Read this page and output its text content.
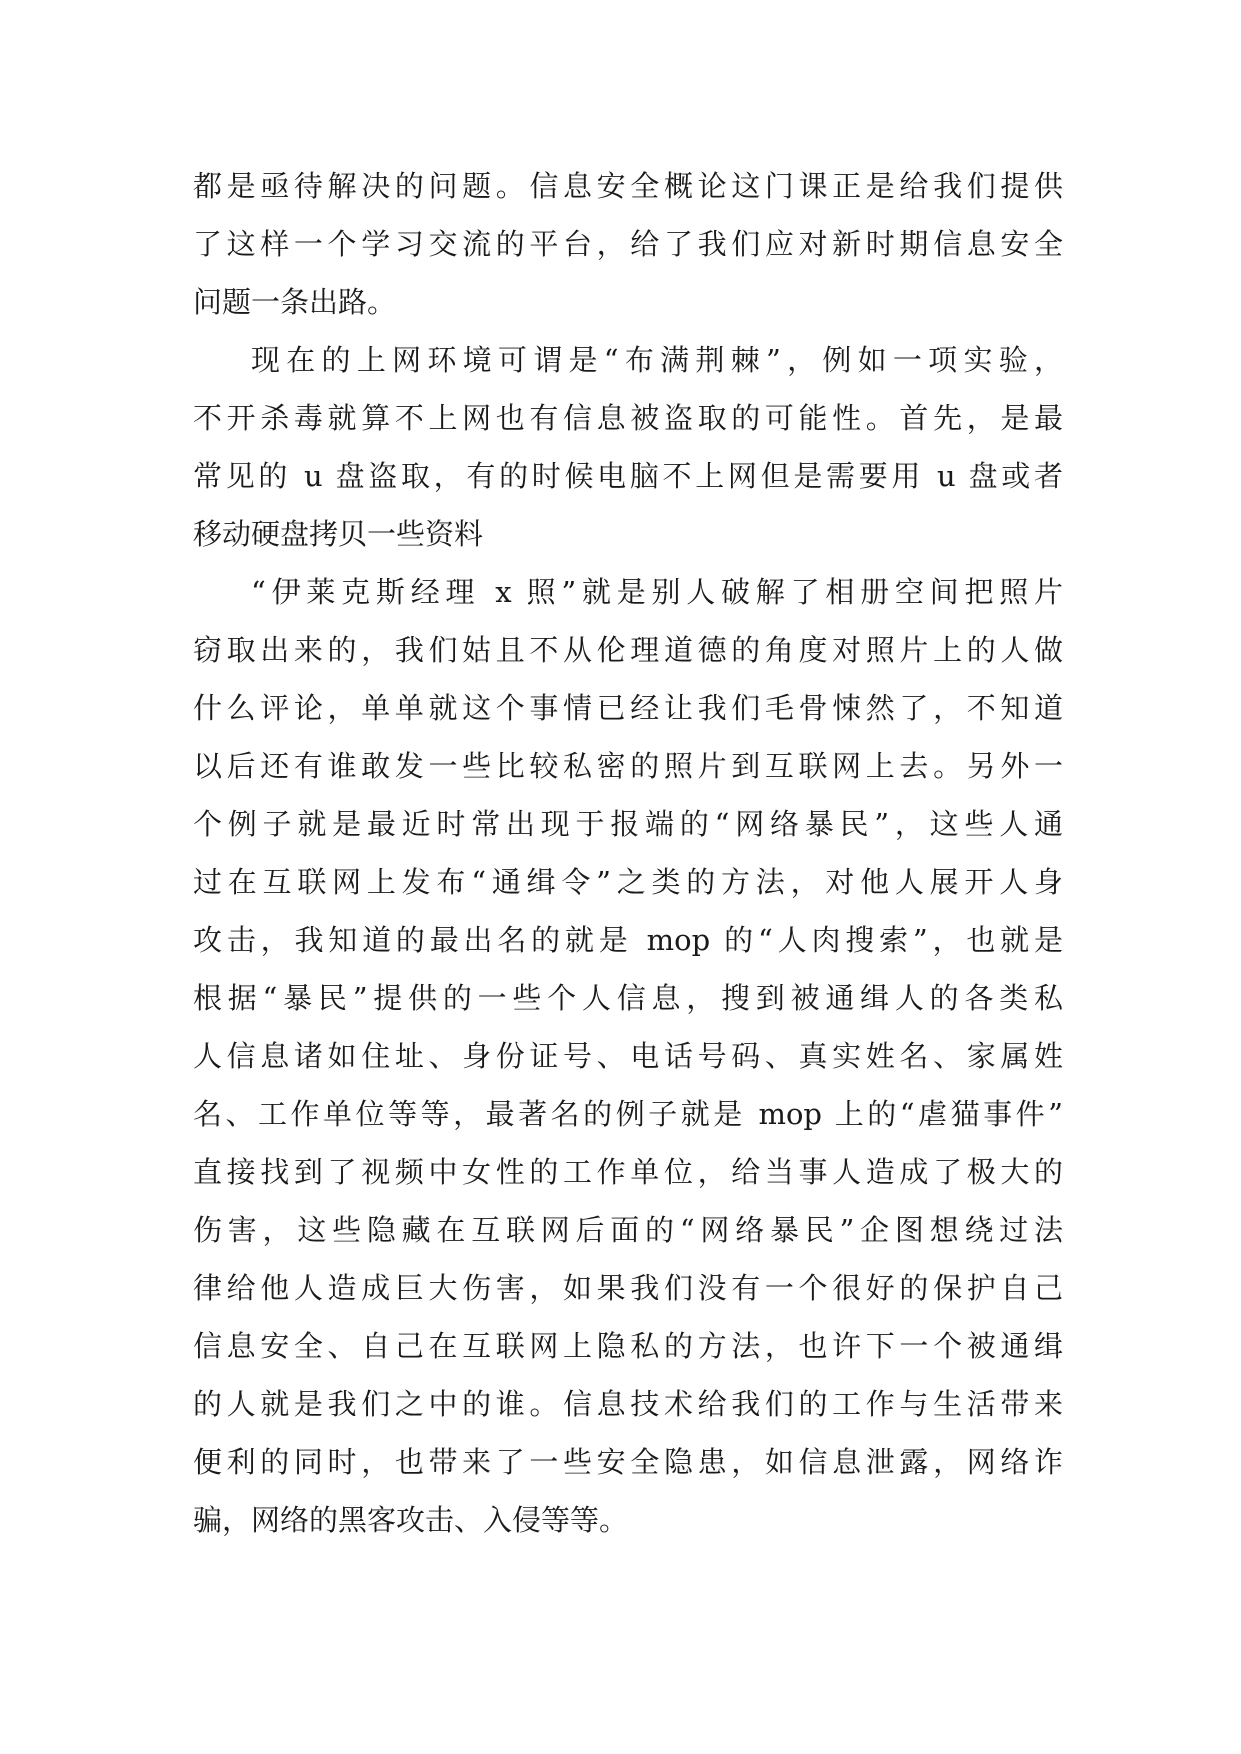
都是亟待解决的问题。信息安全概论这门课正是给我们提供
了这样一个学习交流的平台，给了我们应对新时期信息安全
问题一条出路。
现在的上网环境可谓是“布满荆棘”，例如一项实验，
不开杀毒就算不上网也有信息被盗取的可能性。首先，是最
常见的 u 盘盗取，有的时候电脑不上网但是需要用 u 盘或者
移动硬盘拷贝一些资料
“伊莱克斯经理 x 照”就是别人破解了相册空间把照片
窃取出来的，我们姑且不从伦理道德的角度对照片上的人做
什么评论，单单就这个事情已经让我们毛骨悚然了，不知道
以后还有谁敢发一些比较私密的照片到互联网上去。另外一
个例子就是最近时常出现于报端的“网络暴民”，这些人通
过在互联网上发布“通缉令”之类的方法，对他人展开人身
攻击，我知道的最出名的就是 mop 的“人肉搜索”，也就是
根据“暴民”提供的一些个人信息，搜到被通缉人的各类私
人信息诸如住址、身份证号、电话号码、真实姓名、家属姓
名、工作单位等等，最著名的例子就是 mop 上的“虐猫事件”
直接找到了视频中女性的工作单位，给当事人造成了极大的
伤害，这些隐藏在互联网后面的“网络暴民”企图想绕过法
律给他人造成巨大伤害，如果我们没有一个很好的保护自己
信息安全、自己在互联网上隐私的方法，也许下一个被通缉
的人就是我们之中的谁。信息技术给我们的工作与生活带来
便利的同时，也带来了一些安全隐患，如信息泄露，网络诈
骗，网络的黑客攻击、入侵等等。
